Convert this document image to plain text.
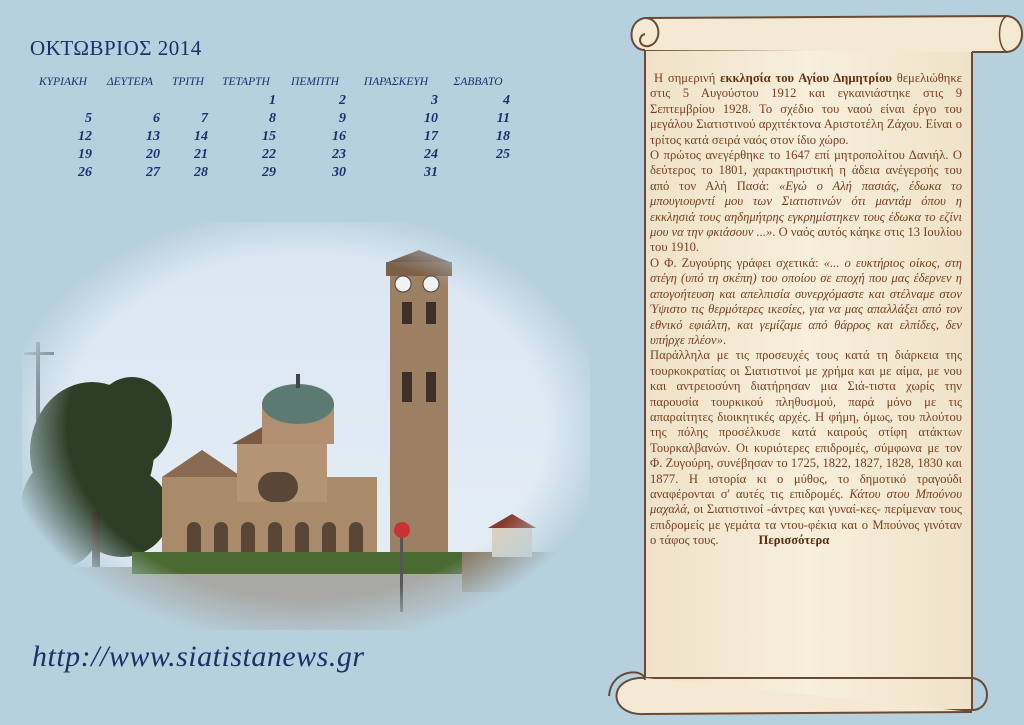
ΟΚΤΩΒΡΙΟΣ 2014
ΚΥΡΙΑΚΗ	ΔΕΥΤΕΡΑ	ΤΡΙΤΗ	ΤΕΤΑΡΤΗ	ΠΕΜΠΤΗ	ΠΑΡΑΣΚΕΥΗ	ΣΑΒΒΑΤΟ
			1	2	3	4
5	6	7	8	9	10	11
12	13	14	15	16	17	18
19	20	21	22	23	24	25
26	27	28	29	30	31	
http://www.siatistanews.gr

Η σημερινή εκκλησία του Αγίου Δημητρίου θεμελιώθηκε στις 5 Αυγούστου 1912 και εγκαινιάστηκε στις 9 Σεπτεμβρίου 1928. Το σχέδιο του ναού είναι έργο του μεγάλου Σιατιστινού αρχιτέκτονα Αριστοτέλη Ζάχου. Είναι ο τρίτος κατά σειρά ναός στον ίδιο χώρο.

Ο πρώτος ανεγέρθηκε το 1647 επί μητροπολίτου Δανιήλ. Ο δεύτερος το 1801, χαρακτηριστική η άδεια ανέγερσής του από τον Αλή Πασά: «Εγώ ο Αλή πασιάς, έδωκα το μπουγιουρντί μου των Σιατιστινών ότι μαντάμ όπου η εκκλησιά τους αηδημήτρης εγκρημίστηκεν τους έδωκα το εζίνι μου να την φκιάσουν ...». Ο ναός αυτός κάηκε στις 13 Ιουλίου του 1910.

Ο Φ. Ζυγούρης γράφει σχετικά: «... ο ευκτήριος οίκος, στη στέγη (υπό τη σκέπη) του οποίου σε εποχή που μας έδερνεν η απογοήτευση και απελπισία συνερχόμαστε και στέλναμε στον Ύψιστο τις θερμότερες ικεσίες, για να μας απαλλάξει από τον εθνικό εφιάλτη, και γεμίζαμε από θάρρος και ελπίδες, δεν υπήρχε πλέον».

Παράλληλα με τις προσευχές τους κατά τη διάρκεια της τουρκοκρατίας οι Σιατιστινοί με χρήμα και με αίμα, με νου και αντρειοσύνη διατήρησαν μια Σιά-τιστα χωρίς την παρουσία τουρκικού πληθυσμού, παρά μόνο με τις απαραίτητες διοικητικές αρχές. Η φήμη, όμως, του πλούτου της πόλης προσέλκυσε κατά καιρούς στίφη ατάκτων Τουρκαλβανών. Οι κυριότερες επιδρομές, σύμφωνα με τον Φ. Ζυγούρη, συνέβησαν το 1725, 1822, 1827, 1828, 1830 και 1877. Η ιστορία κι ο μύθος, το δημοτικό τραγούδι αναφέρονται σ' αυτές τις επιδρομές. Κάτου στου Μπούνου μαχαλά, οι Σιατιστινοί -άντρες και γυναί-κες- περίμεναν τους επιδρομείς με γεμάτα τα ντου-φέκια και ο Μπούνος γινόταν ο τάφος τους.	Περισσότερα
